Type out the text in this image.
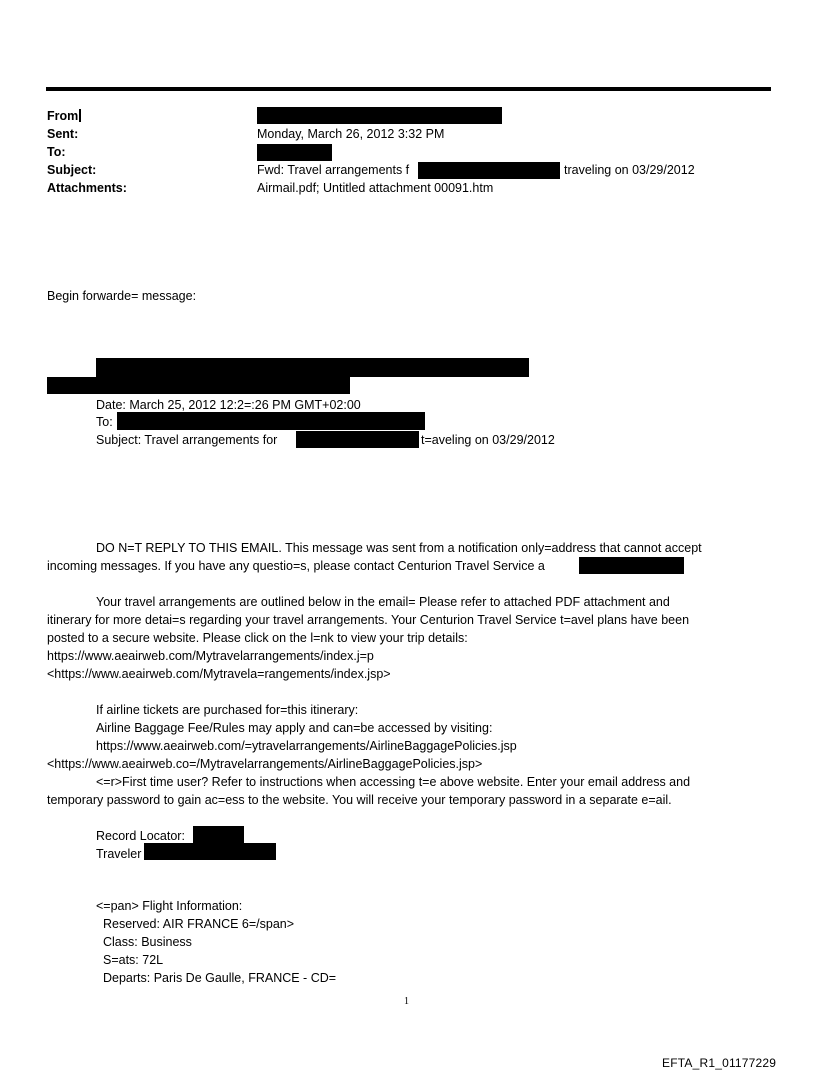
From
Sent:	Monday, March 26, 2012 3:32 PM
To:
Subject:	Fwd: Travel arrangements f	traveling on 03/29/2012
Attachments:	Airmail.pdf; Untitled attachment 00091.htm
Begin forwarde= message:
Date: March 25, 2012 12:2=:26 PM GMT+02:00
To:
Subject: Travel arrangements for	t=aveling on 03/29/2012
DO N=T REPLY TO THIS EMAIL. This message was sent from a notification only=address that cannot accept
incoming messages. If you have any questio=s, please contact Centurion Travel Service a
Your travel arrangements are outlined below in the email= Please refer to attached PDF attachment and
itinerary for more detai=s regarding your travel arrangements. Your Centurion Travel Service t=avel plans have been
posted to a secure website. Please click on the l=nk to view your trip details:
https://www.aeairweb.com/Mytravelarrangements/index.j=p
<https://www.aeairweb.com/Mytravela=rangements/index.jsp>
If airline tickets are purchased for=this itinerary:
Airline Baggage Fee/Rules may apply and can=be accessed by visiting:
https://www.aeairweb.com/=ytravelarrangements/AirlineBaggagePolicies.jsp
<https://www.aeairweb.co=/Mytravelarrangements/AirlineBaggagePolicies.jsp>
<=r>First time user? Refer to instructions when accessing t=e above website. Enter your email address and
temporary password to gain ac=ess to the website. You will receive your temporary password in a separate e=ail.
Record Locator:
Traveler
<=pan> Flight Information:
Reserved: AIR FRANCE 6=/span>
Class: Business
S=ats: 72L
Departs: Paris De Gaulle, FRANCE - CD=
1
EFTA_R1_01177229
